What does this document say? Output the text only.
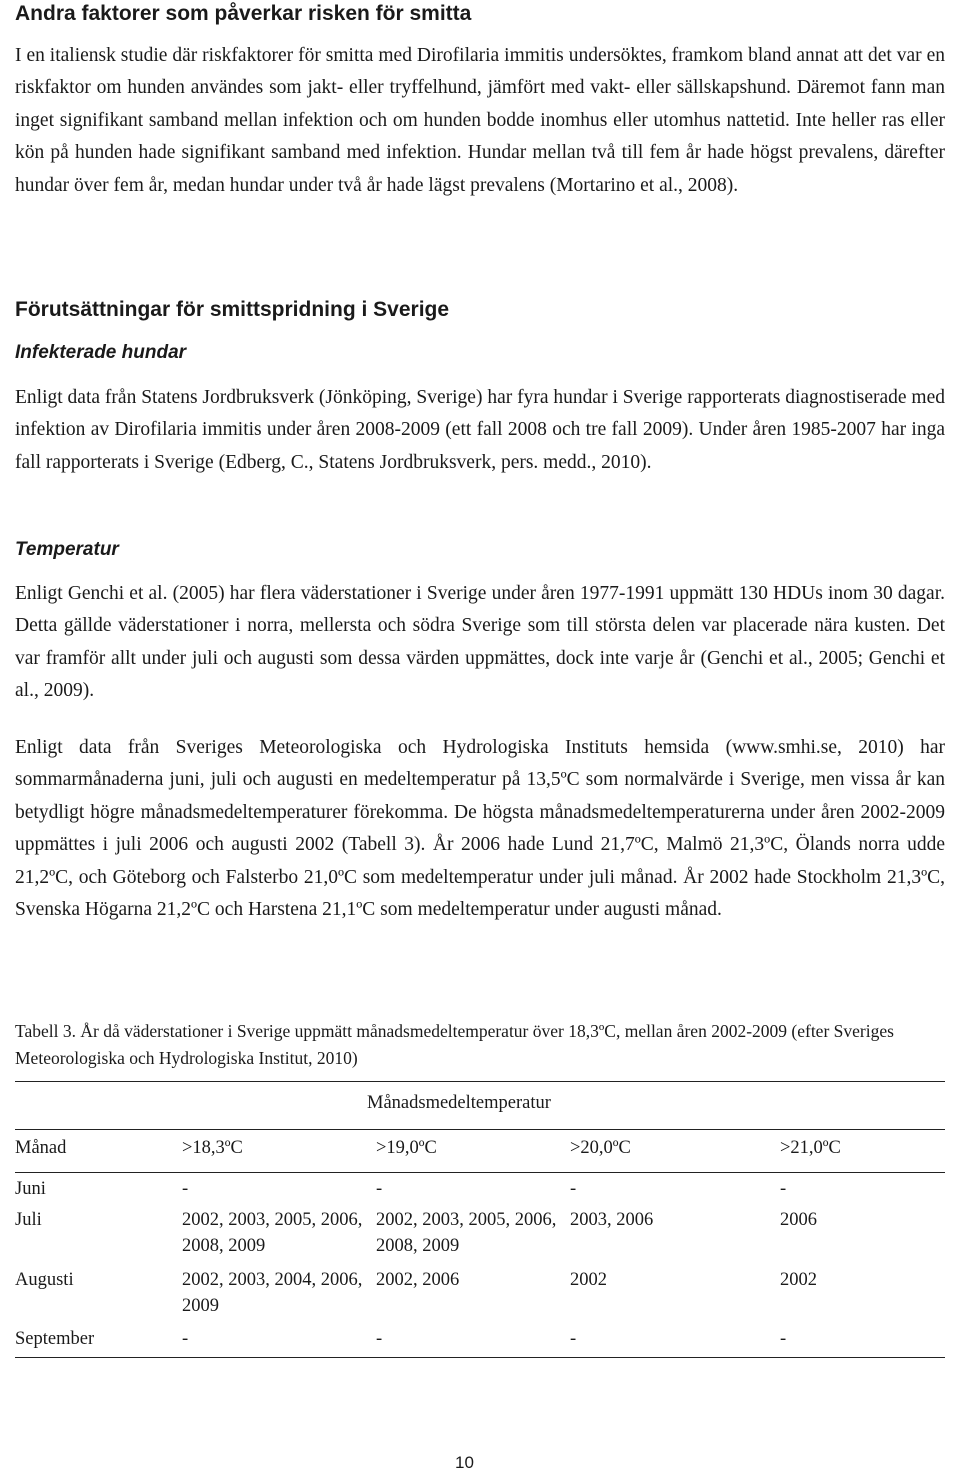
Andra faktorer som påverkar risken för smitta

I en italiensk studie där riskfaktorer för smitta med Dirofilaria immitis undersöktes, framkom bland annat att det var en riskfaktor om hunden användes som jakt- eller tryffelhund, jämfört med vakt- eller sällskapshund. Däremot fann man inget signifikant samband mellan infektion och om hunden bodde inomhus eller utomhus nattetid. Inte heller ras eller kön på hunden hade signifikant samband med infektion. Hundar mellan två till fem år hade högst prevalens, därefter hundar över fem år, medan hundar under två år hade lägst prevalens (Mortarino et al., 2008).

Förutsättningar för smittspridning i Sverige
Infekterade hundar

Enligt data från Statens Jordbruksverk (Jönköping, Sverige) har fyra hundar i Sverige rapporterats diagnostiserade med infektion av Dirofilaria immitis under åren 2008-2009 (ett fall 2008 och tre fall 2009). Under åren 1985-2007 har inga fall rapporterats i Sverige (Edberg, C., Statens Jordbruksverk, pers. medd., 2010).

Temperatur

Enligt Genchi et al. (2005) har flera väderstationer i Sverige under åren 1977-1991 uppmätt 130 HDUs inom 30 dagar. Detta gällde väderstationer i norra, mellersta och södra Sverige som till största delen var placerade nära kusten. Det var framför allt under juli och augusti som dessa värden uppmättes, dock inte varje år (Genchi et al., 2005; Genchi et al., 2009).

Enligt data från Sveriges Meteorologiska och Hydrologiska Instituts hemsida (www.smhi.se, 2010) har sommarmånaderna juni, juli och augusti en medeltemperatur på 13,5ºC som normalvärde i Sverige, men vissa år kan betydligt högre månadsmedeltemperaturer förekomma. De högsta månadsmedeltemperaturerna under åren 2002-2009 uppmättes i juli 2006 och augusti 2002 (Tabell 3). År 2006 hade Lund 21,7ºC, Malmö 21,3ºC, Ölands norra udde 21,2ºC, och Göteborg och Falsterbo 21,0ºC som medeltemperatur under juli månad. År 2002 hade Stockholm 21,3ºC, Svenska Högarna 21,2ºC och Harstena 21,1ºC som medeltemperatur under augusti månad.

Tabell 3. År då väderstationer i Sverige uppmätt månadsmedeltemperatur över 18,3ºC, mellan åren 2002-2009 (efter Sveriges Meteorologiska och Hydrologiska Institut, 2010)

	Månadsmedeltemperatur			
Månad	>18,3ºC	>19,0ºC	>20,0ºC	>21,0ºC
Juni	-	-	-	-
Juli	2002, 2003, 2005, 2006, 2008, 2009	2002, 2003, 2005, 2006, 2008, 2009	2003, 2006	2006
Augusti	2002, 2003, 2004, 2006, 2009	2002, 2006	2002	2002
September	-	-	-	-
10
